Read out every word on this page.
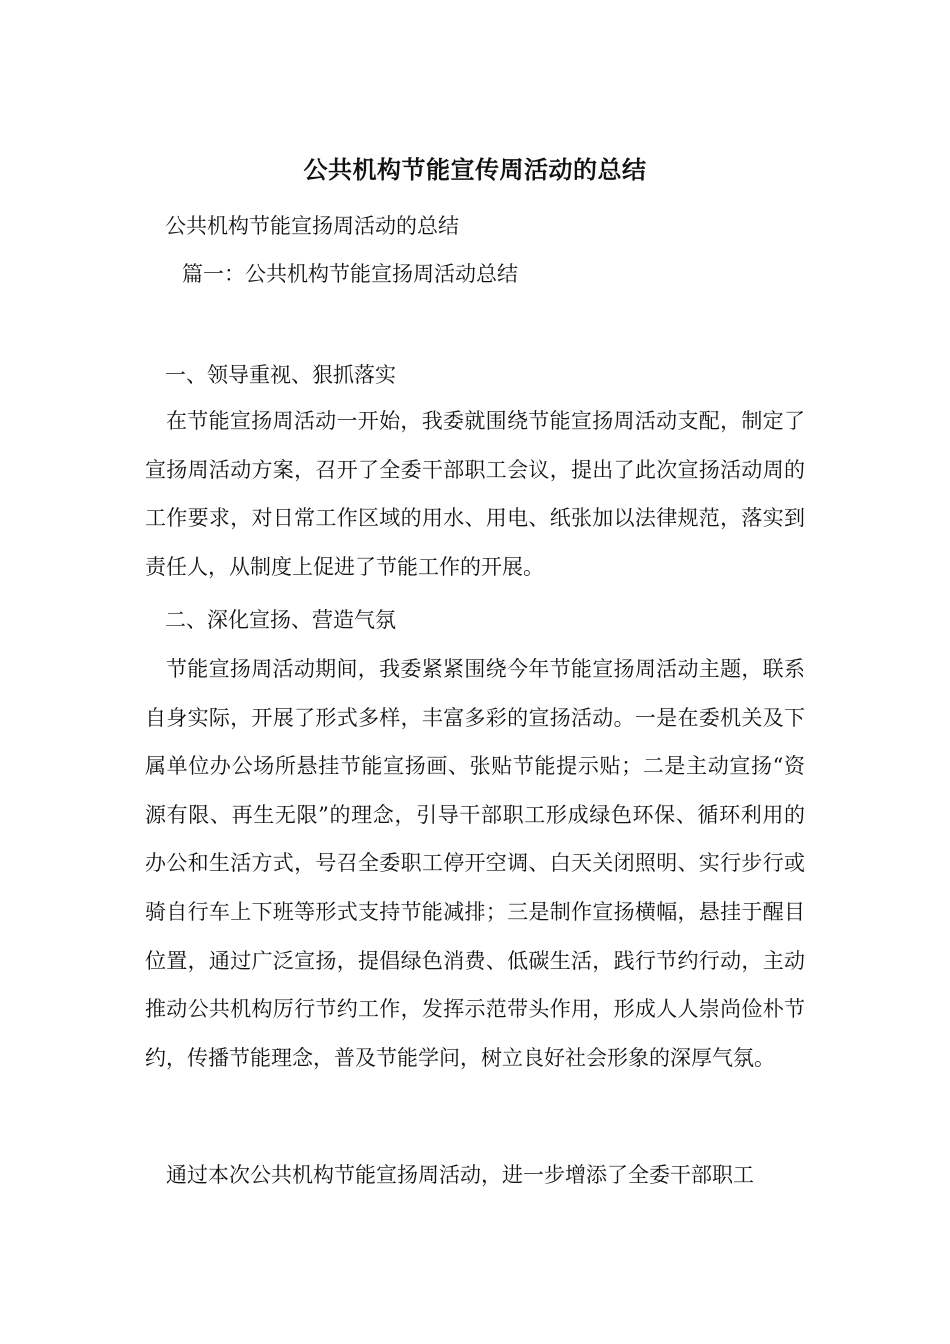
公共机构节能宣传周活动的总结
公共机构节能宣扬周活动的总结
篇一：公共机构节能宣扬周活动总结
一、领导重视、狠抓落实

在节能宣扬周活动一开始，我委就围绕节能宣扬周活动支配，制定了宣扬周活动方案，召开了全委干部职工会议，提出了此次宣扬活动周的工作要求，对日常工作区域的用水、用电、纸张加以法律规范，落实到责任人，从制度上促进了节能工作的开展。

二、深化宣扬、营造气氛

节能宣扬周活动期间，我委紧紧围绕今年节能宣扬周活动主题，联系自身实际，开展了形式多样，丰富多彩的宣扬活动。一是在委机关及下属单位办公场所悬挂节能宣扬画、张贴节能提示贴；二是主动宣扬“资源有限、再生无限”的理念，引导干部职工形成绿色环保、循环利用的办公和生活方式，号召全委职工停开空调、白天关闭照明、实行步行或骑自行车上下班等形式支持节能减排；三是制作宣扬横幅，悬挂于醒目位置，通过广泛宣扬，提倡绿色消费、低碳生活，践行节约行动，主动推动公共机构厉行节约工作，发挥示范带头作用，形成人人崇尚俭朴节约，传播节能理念，普及节能学问，树立良好社会形象的深厚气氛。

通过本次公共机构节能宣扬周活动，进一步增添了全委干部职工
